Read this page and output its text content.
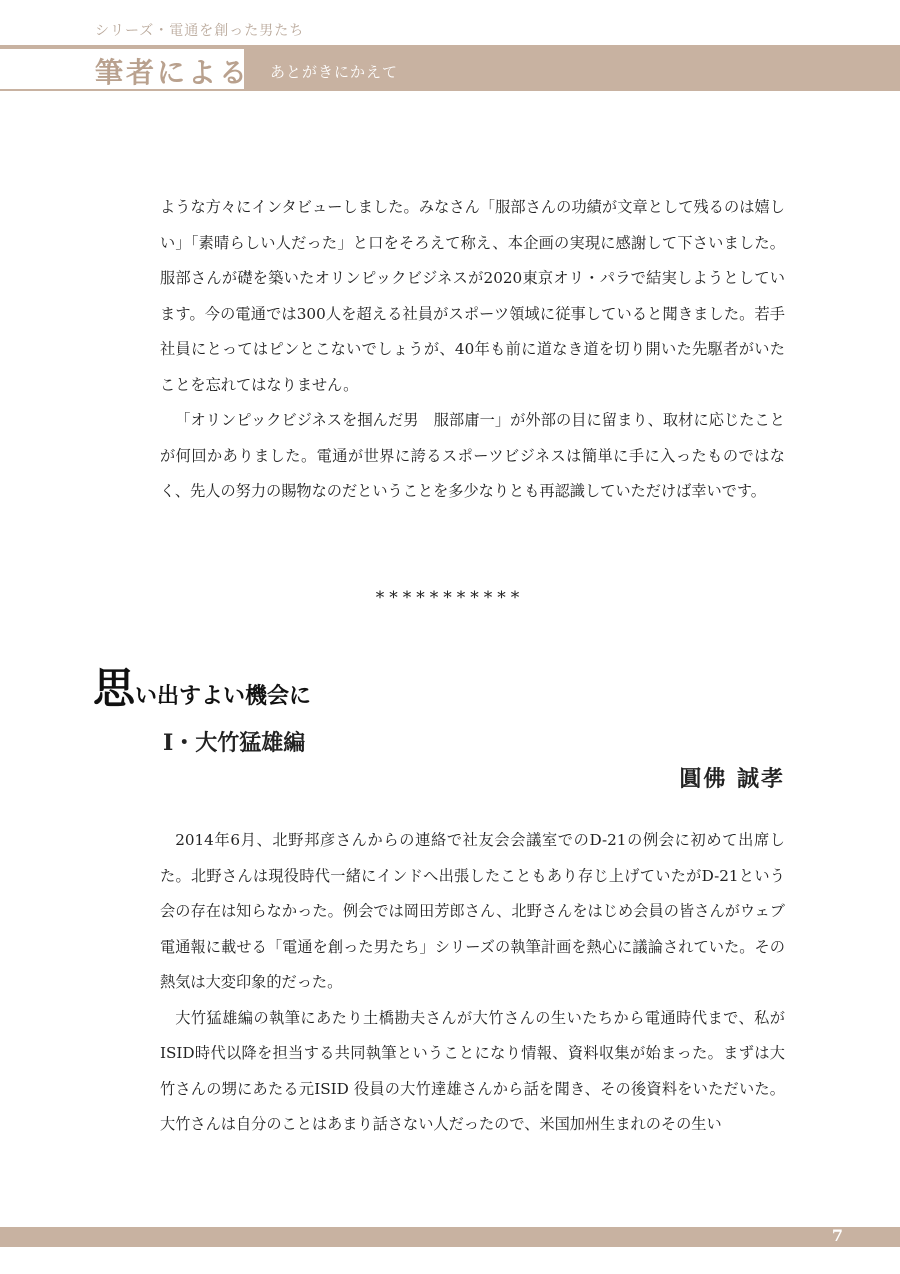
シリーズ・電通を創った男たち
筆者による あとがきにかえて

ような方々にインタビューしました。みなさん「服部さんの功績が文章として残るのは嬉しい」「素晴らしい人だった」と口をそろえて称え、本企画の実現に感謝して下さいました。服部さんが礎を築いたオリンピックビジネスが2020東京オリ・パラで結実しようとしています。今の電通では300人を超える社員がスポーツ領域に従事していると聞きました。若手社員にとってはピンとこないでしょうが、40年も前に道なき道を切り開いた先駆者がいたことを忘れてはなりません。

「オリンピックビジネスを掴んだ男　服部庸一」が外部の目に留まり、取材に応じたことが何回かありました。電通が世界に誇るスポーツビジネスは簡単に手に入ったものではなく、先人の努力の賜物なのだということを多少なりとも再認識していただけば幸いです。

***********
思い出すよい機会に
Ⅰ・大竹猛雄編
圓佛 誠孝

2014年6月、北野邦彦さんからの連絡で社友会会議室でのD-21の例会に初めて出席した。北野さんは現役時代一緒にインドへ出張したこともあり存じ上げていたがD-21という会の存在は知らなかった。例会では岡田芳郎さん、北野さんをはじめ会員の皆さんがウェブ電通報に載せる「電通を創った男たち」シリーズの執筆計画を熱心に議論されていた。その熱気は大変印象的だった。

大竹猛雄編の執筆にあたり土橋勘夫さんが大竹さんの生いたちから電通時代まで、私がISID時代以降を担当する共同執筆ということになり情報、資料収集が始まった。まずは大竹さんの甥にあたる元ISID 役員の大竹達雄さんから話を聞き、その後資料をいただいた。大竹さんは自分のことはあまり話さない人だったので、米国加州生まれのその生い

7
